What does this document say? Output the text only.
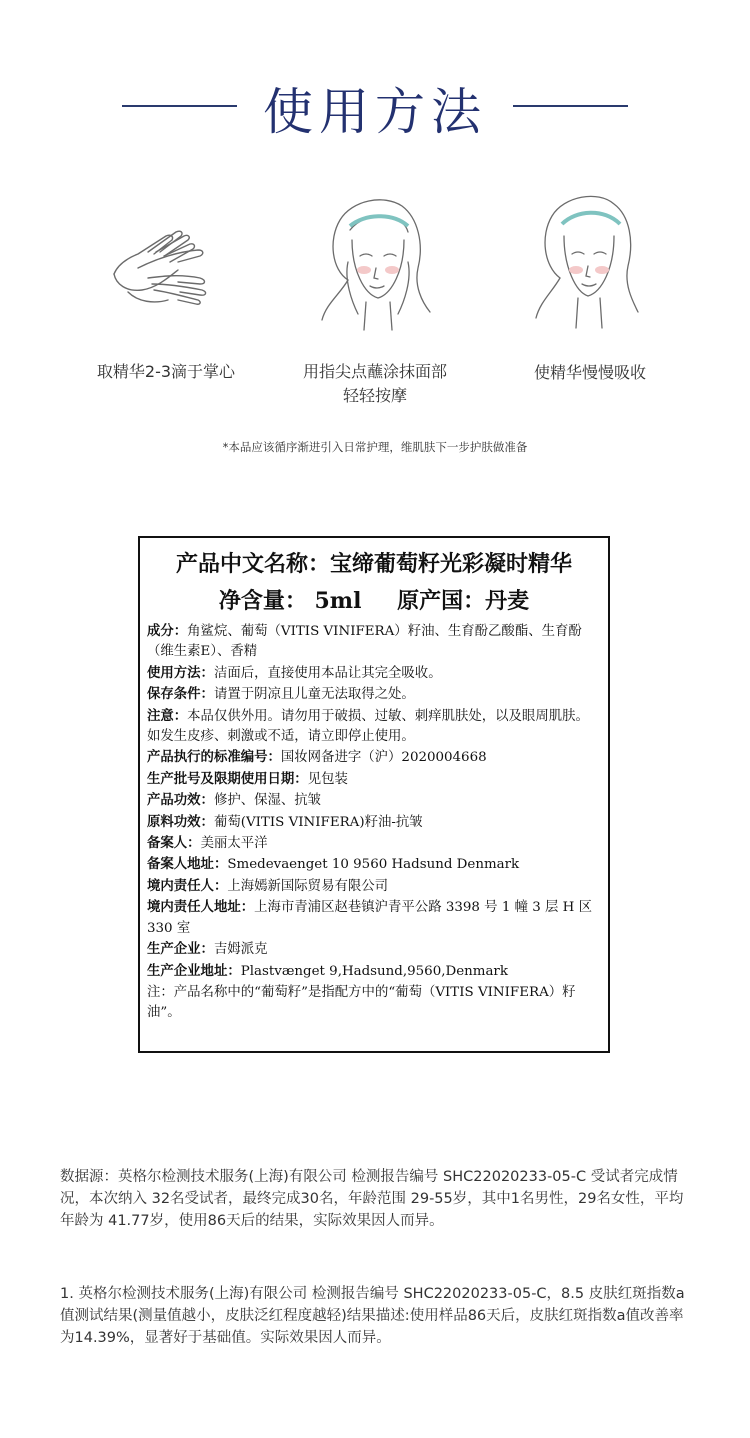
使用方法
取精华2-3滴于掌心	用指尖点蘸涂抹面部
轻轻按摩
使精华慢慢吸收
*本品应该循序渐进引入日常护理，维肌肤下一步护肤做准备
产品中文名称：宝缔葡萄籽光彩凝时精华
净含量： 5ml 原产国：丹麦
成分：角鲨烷、葡萄（VITIS VINIFERA）籽油、生育酚乙酸酯、生育酚（维生素E）、香精
使用方法：洁面后，直接使用本品让其完全吸收。
保存条件：请置于阴凉且儿童无法取得之处。
注意：本品仅供外用。请勿用于破损、过敏、刺痒肌肤处，以及眼周肌肤。如发生皮疹、刺激或不适，请立即停止使用。
产品执行的标准编号：国妆网备进字（沪）2020004668
生产批号及限期使用日期：见包装
产品功效：修护、保湿、抗皱
原料功效：葡萄(VITIS VINIFERA)籽油-抗皱
备案人：美丽太平洋
备案人地址：Smedevaenget 10 9560 Hadsund Denmark
境内责任人：上海嫣新国际贸易有限公司
境内责任人地址：上海市青浦区赵巷镇沪青平公路 3398 号 1 幢 3 层 H 区 330 室
生产企业：吉姆派克
生产企业地址：Plastvænget 9,Hadsund,9560,Denmark
注：产品名称中的“葡萄籽”是指配方中的“葡萄（VITIS VINIFERA）籽油”。
数据源：英格尔检测技术服务(上海)有限公司 检测报告编号 SHC22020233-05-C 受试者完成情况，本次纳入 32名受试者，最终完成30名，年龄范围 29-55岁，其中1名男性，29名女性，平均年龄为 41.77岁，使用86天后的结果，实际效果因人而异。
1. 英格尔检测技术服务(上海)有限公司 检测报告编号 SHC22020233-05-C，8.5 皮肤红斑指数a值测试结果(测量值越小，皮肤泛红程度越轻)结果描述:使用样品86天后，皮肤红斑指数a值改善率为14.39%，显著好于基础值。实际效果因人而异。
